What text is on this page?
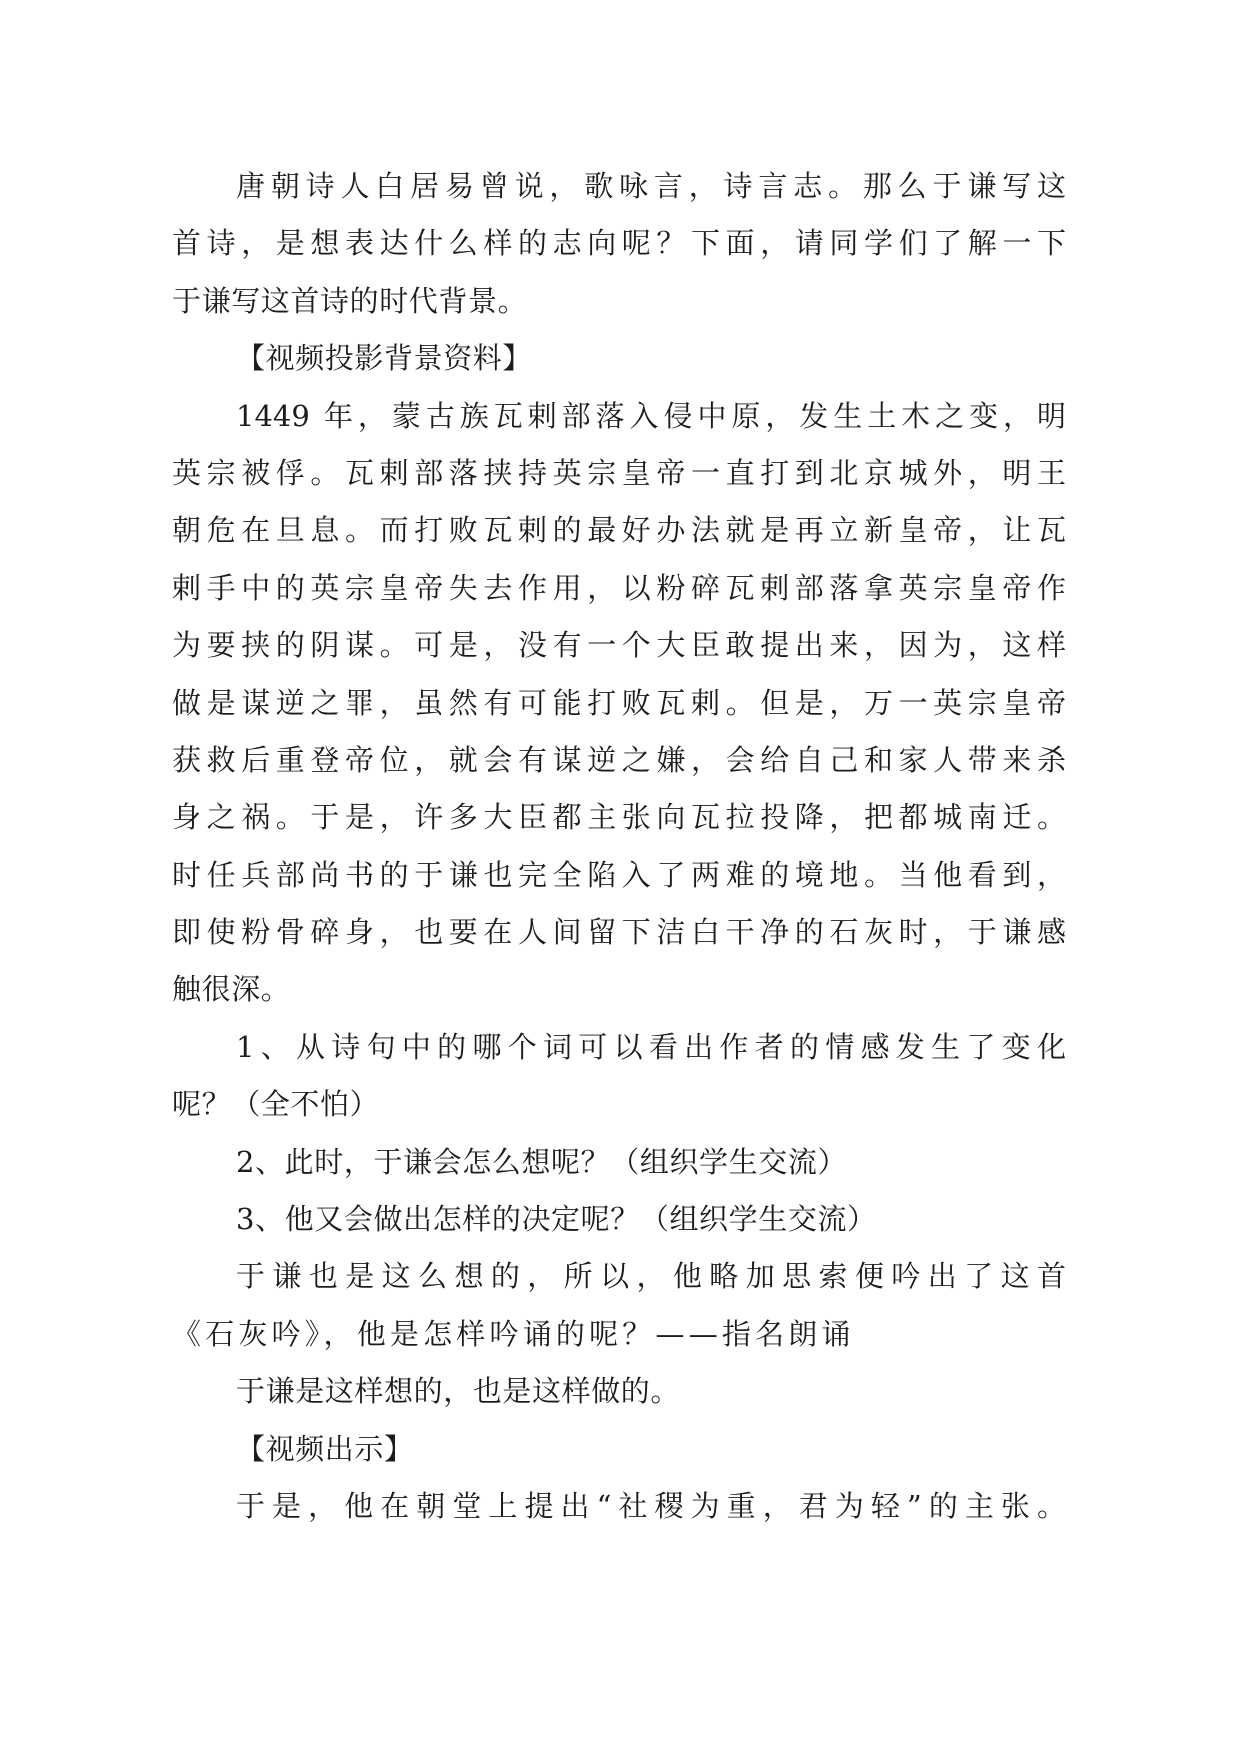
唐朝诗人白居易曾说，歌咏言，诗言志。那么于谦写这
首诗，是想表达什么样的志向呢？下面，请同学们了解一下
于谦写这首诗的时代背景。
【视频投影背景资料】
1449 年，蒙古族瓦剌部落入侵中原，发生土木之变，明
英宗被俘。瓦剌部落挟持英宗皇帝一直打到北京城外，明王
朝危在旦息。而打败瓦剌的最好办法就是再立新皇帝，让瓦
剌手中的英宗皇帝失去作用，以粉碎瓦剌部落拿英宗皇帝作
为要挟的阴谋。可是，没有一个大臣敢提出来，因为，这样
做是谋逆之罪，虽然有可能打败瓦剌。但是，万一英宗皇帝
获救后重登帝位，就会有谋逆之嫌，会给自己和家人带来杀
身之祸。于是，许多大臣都主张向瓦拉投降，把都城南迁。
时任兵部尚书的于谦也完全陷入了两难的境地。当他看到，
即使粉骨碎身，也要在人间留下洁白干净的石灰时，于谦感
触很深。
1、从诗句中的哪个词可以看出作者的情感发生了变化
呢？（全不怕）
2、此时，于谦会怎么想呢？（组织学生交流）
3、他又会做出怎样的决定呢？（组织学生交流）
于谦也是这么想的，所以，他略加思索便吟出了这首
《石灰吟》，他是怎样吟诵的呢？——指名朗诵
于谦是这样想的，也是这样做的。
【视频出示】
于是，他在朝堂上提出“社稷为重，君为轻”的主张。
